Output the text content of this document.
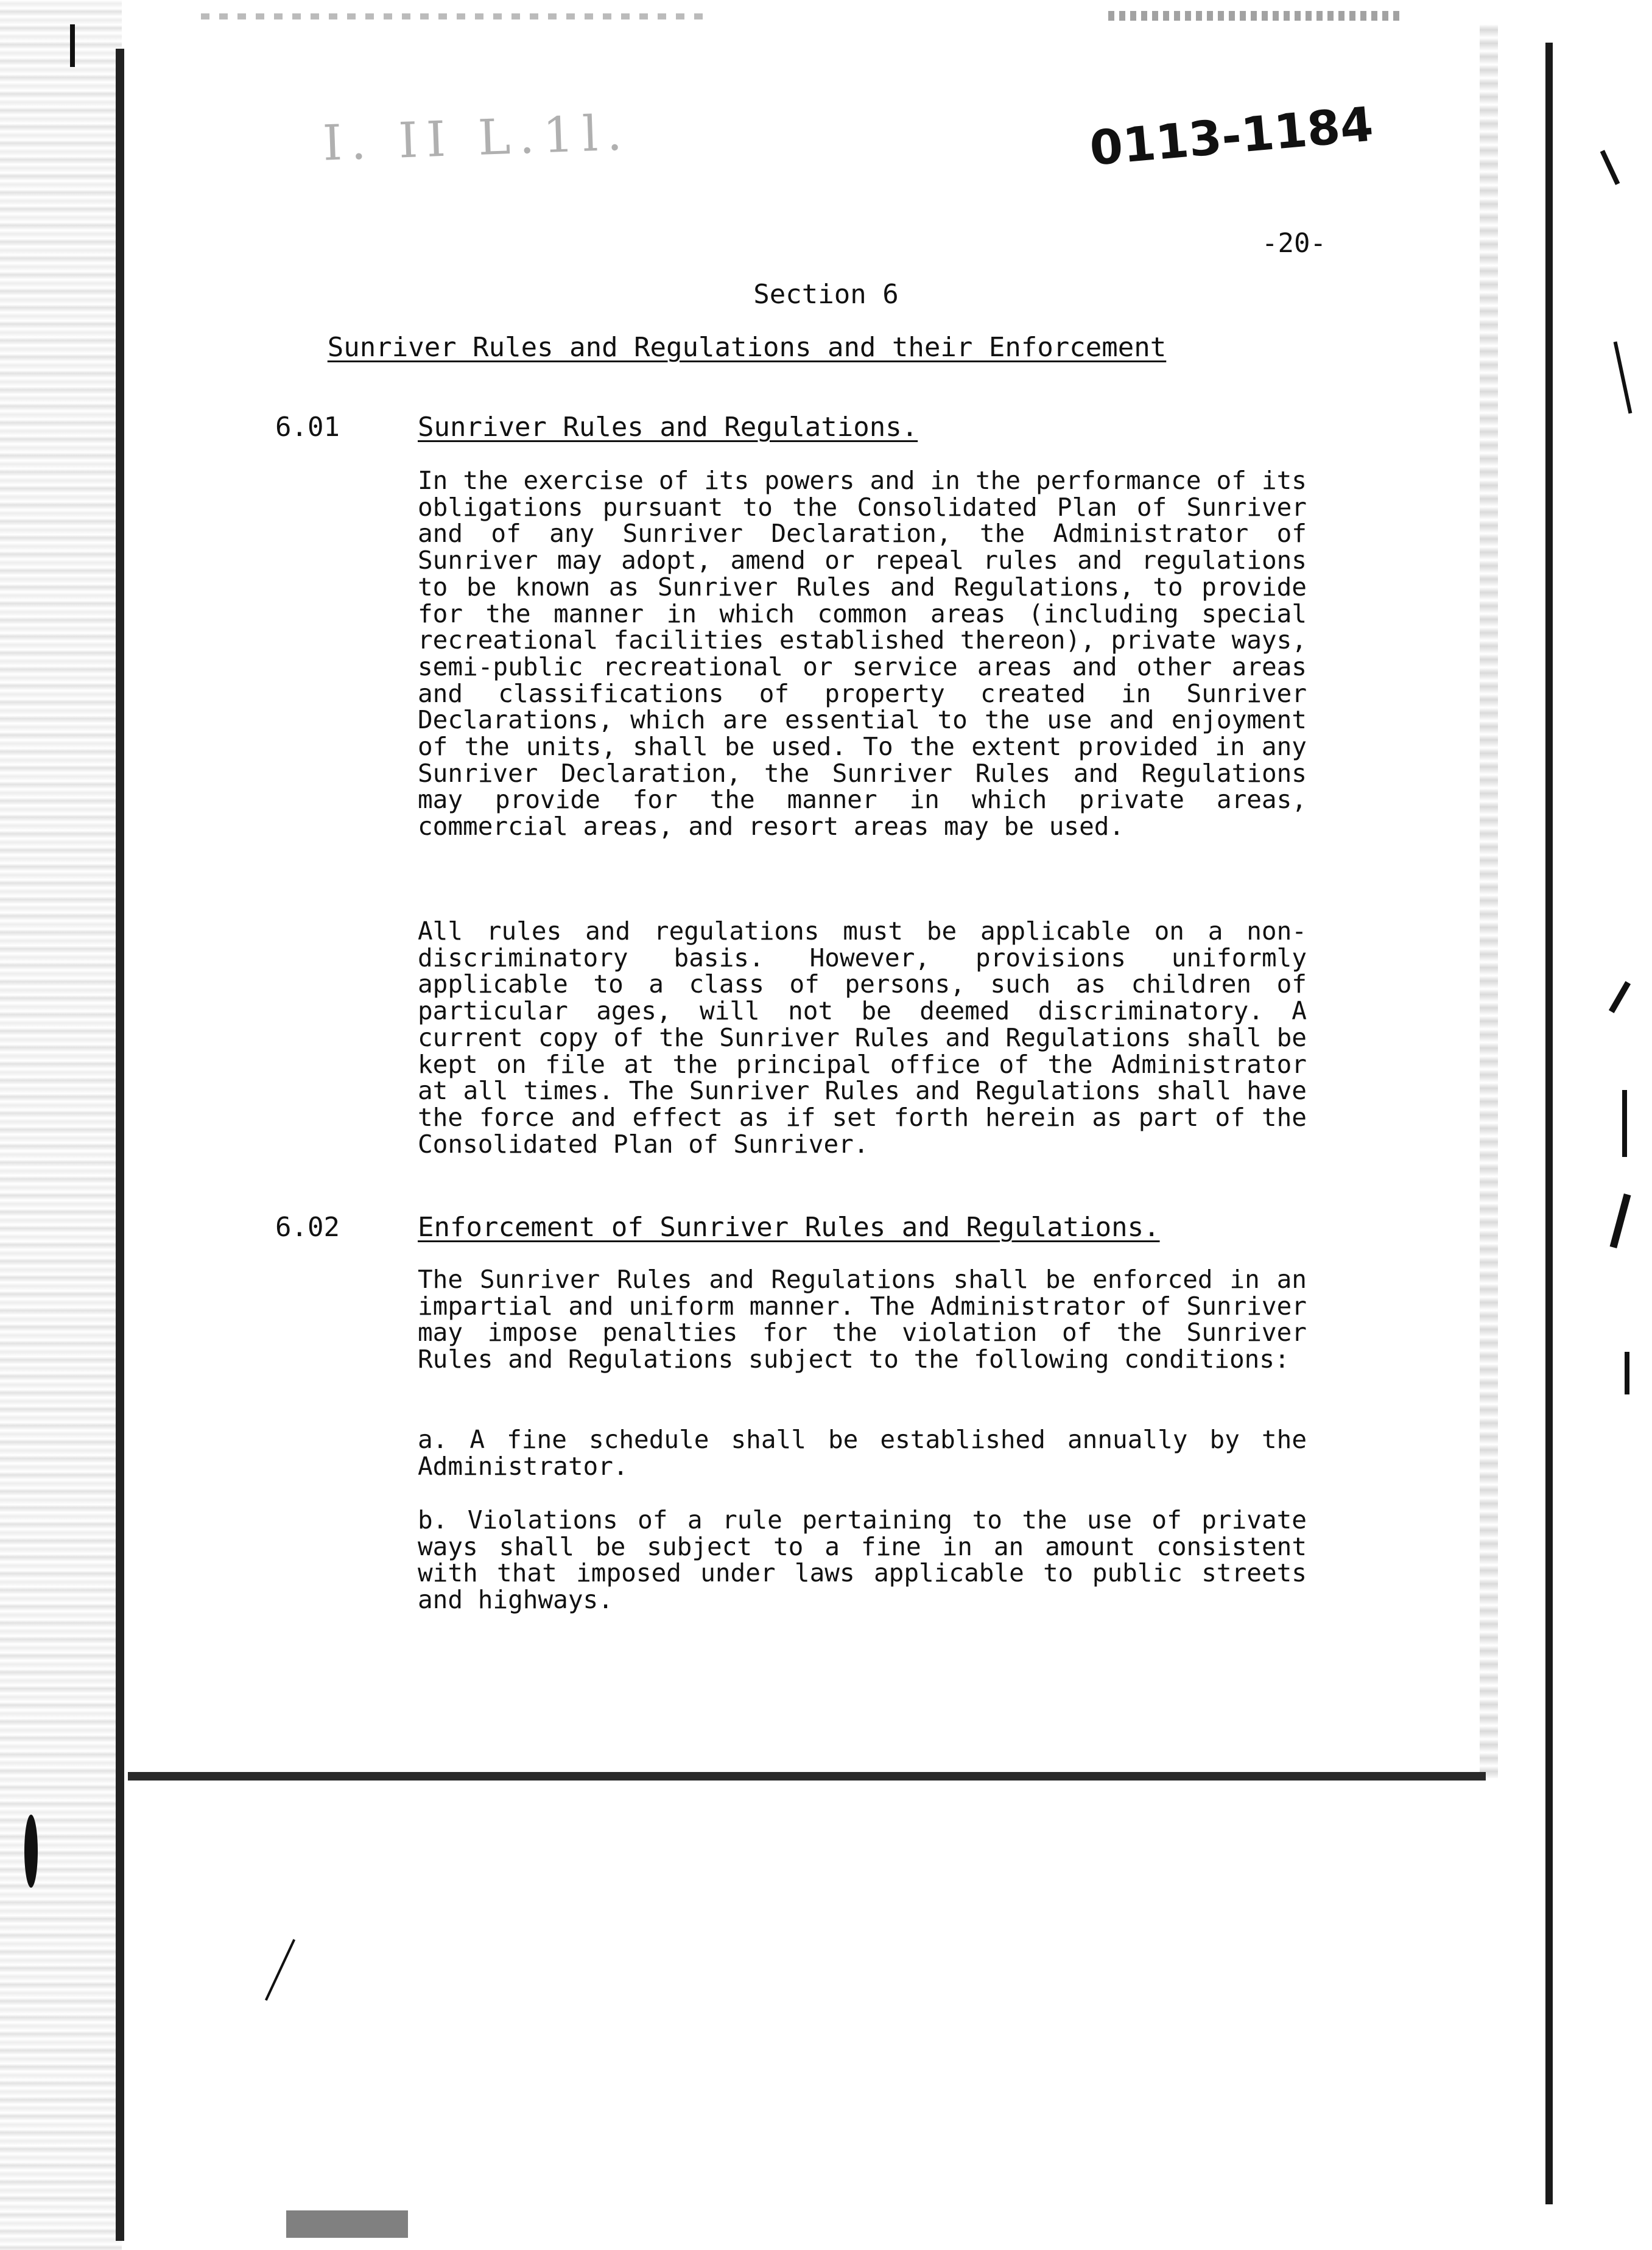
I. II L.1l.	0113-1184
-20-
Section 6
Sunriver Rules and Regulations and their Enforcement
6.01	Sunriver Rules and Regulations.

In the exercise of its powers and in the performance of its obligations pursuant to the Consolidated Plan of Sunriver and of any Sunriver Declaration, the Administrator of Sunriver may adopt, amend or repeal rules and regulations to be known as Sunriver Rules and Regulations, to provide for the manner in which common areas (including special recreational facilities established thereon), private ways, semi-public recreational or service areas and other areas and classifications of property created in Sunriver Declarations, which are essential to the use and enjoyment of the units, shall be used. To the extent provided in any Sunriver Declaration, the Sunriver Rules and Regulations may provide for the manner in which private areas, commercial areas, and resort areas may be used.

All rules and regulations must be applicable on a non-discriminatory basis. However, provisions uniformly applicable to a class of persons, such as children of particular ages, will not be deemed discriminatory. A current copy of the Sunriver Rules and Regulations shall be kept on file at the principal office of the Administrator at all times. The Sunriver Rules and Regulations shall have the force and effect as if set forth herein as part of the Consolidated Plan of Sunriver.

6.02	Enforcement of Sunriver Rules and Regulations.

The Sunriver Rules and Regulations shall be enforced in an impartial and uniform manner. The Administrator of Sunriver may impose penalties for the violation of the Sunriver Rules and Regulations subject to the following conditions:

a. A fine schedule shall be established annually by the Administrator.

b. Violations of a rule pertaining to the use of private ways shall be subject to a fine in an amount consistent with that imposed under laws applicable to public streets and highways.
